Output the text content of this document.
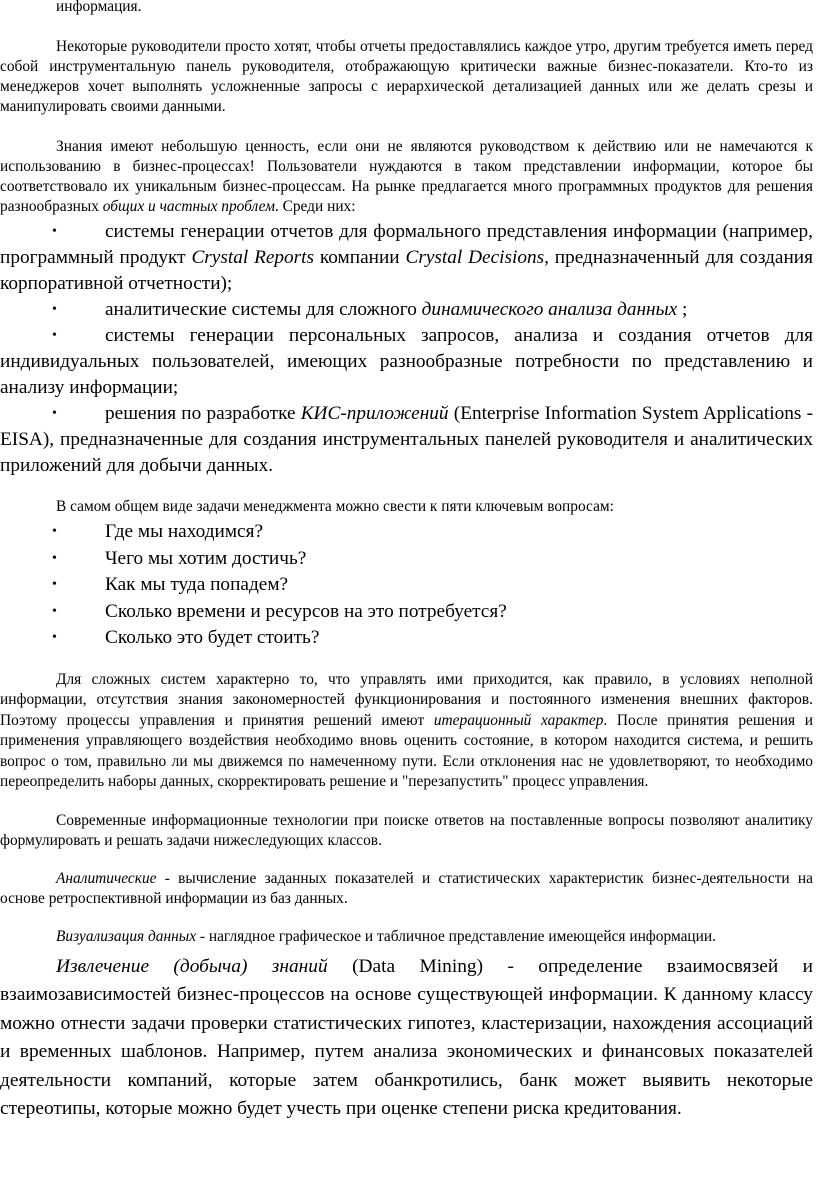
информация.

Некоторые руководители просто хотят, чтобы отчеты предоставлялись каждое утро, другим требуется иметь перед собой инструментальную панель руководителя, отображающую критически важные бизнес-показатели. Кто-то из менеджеров хочет выполнять усложненные запросы с иерархической детализацией данных или же делать срезы и манипулировать своими данными.

Знания имеют небольшую ценность, если они не являются руководством к действию или не намечаются к использованию в бизнес-процессах! Пользователи нуждаются в таком представлении информации, которое бы соответствовало их уникальным бизнес-процессам. На рынке предлагается много программных продуктов для решения разнообразных общих и частных проблем. Среди них:

• системы генерации отчетов для формального представления информации (например, программный продукт Crystal Reports компании Crystal Decisions, предназначенный для создания корпоративной отчетности);

• аналитические системы для сложного динамического анализа данных ;

• системы генерации персональных запросов, анализа и создания отчетов для индивидуальных пользователей, имеющих разнообразные потребности по представлению и анализу информации;

• решения по разработке КИС-приложений (Enterprise Information System Applications - EISA), предназначенные для создания инструментальных панелей руководителя и аналитических приложений для добычи данных.

В самом общем виде задачи менеджмента можно свести к пяти ключевым вопросам:

• Где мы находимся?

• Чего мы хотим достичь?

• Как мы туда попадем?

• Сколько времени и ресурсов на это потребуется?

• Сколько это будет стоить?

Для сложных систем характерно то, что управлять ими приходится, как правило, в условиях неполной информации, отсутствия знания закономерностей функционирования и постоянного изменения внешних факторов. Поэтому процессы управления и принятия решений имеют итерационный характер. После принятия решения и применения управляющего воздействия необходимо вновь оценить состояние, в котором находится система, и решить вопрос о том, правильно ли мы движемся по намеченному пути. Если отклонения нас не удовлетворяют, то необходимо переопределить наборы данных, скорректировать решение и "перезапустить" процесс управления.

Современные информационные технологии при поиске ответов на поставленные вопросы позволяют аналитику формулировать и решать задачи нижеследующих классов.

Аналитические - вычисление заданных показателей и статистических характеристик бизнес-деятельности на основе ретроспективной информации из баз данных.

Визуализация данных - наглядное графическое и табличное представление имеющейся информации.

Извлечение (добыча) знаний (Data Mining) - определение взаимосвязей и взаимозависимостей бизнес-процессов на основе существующей информации. К данному классу можно отнести задачи проверки статистических гипотез, кластеризации, нахождения ассоциаций и временных шаблонов. Например, путем анализа экономических и финансовых показателей деятельности компаний, которые затем обанкротились, банк может выявить некоторые стереотипы, которые можно будет учесть при оценке степени риска кредитования.
